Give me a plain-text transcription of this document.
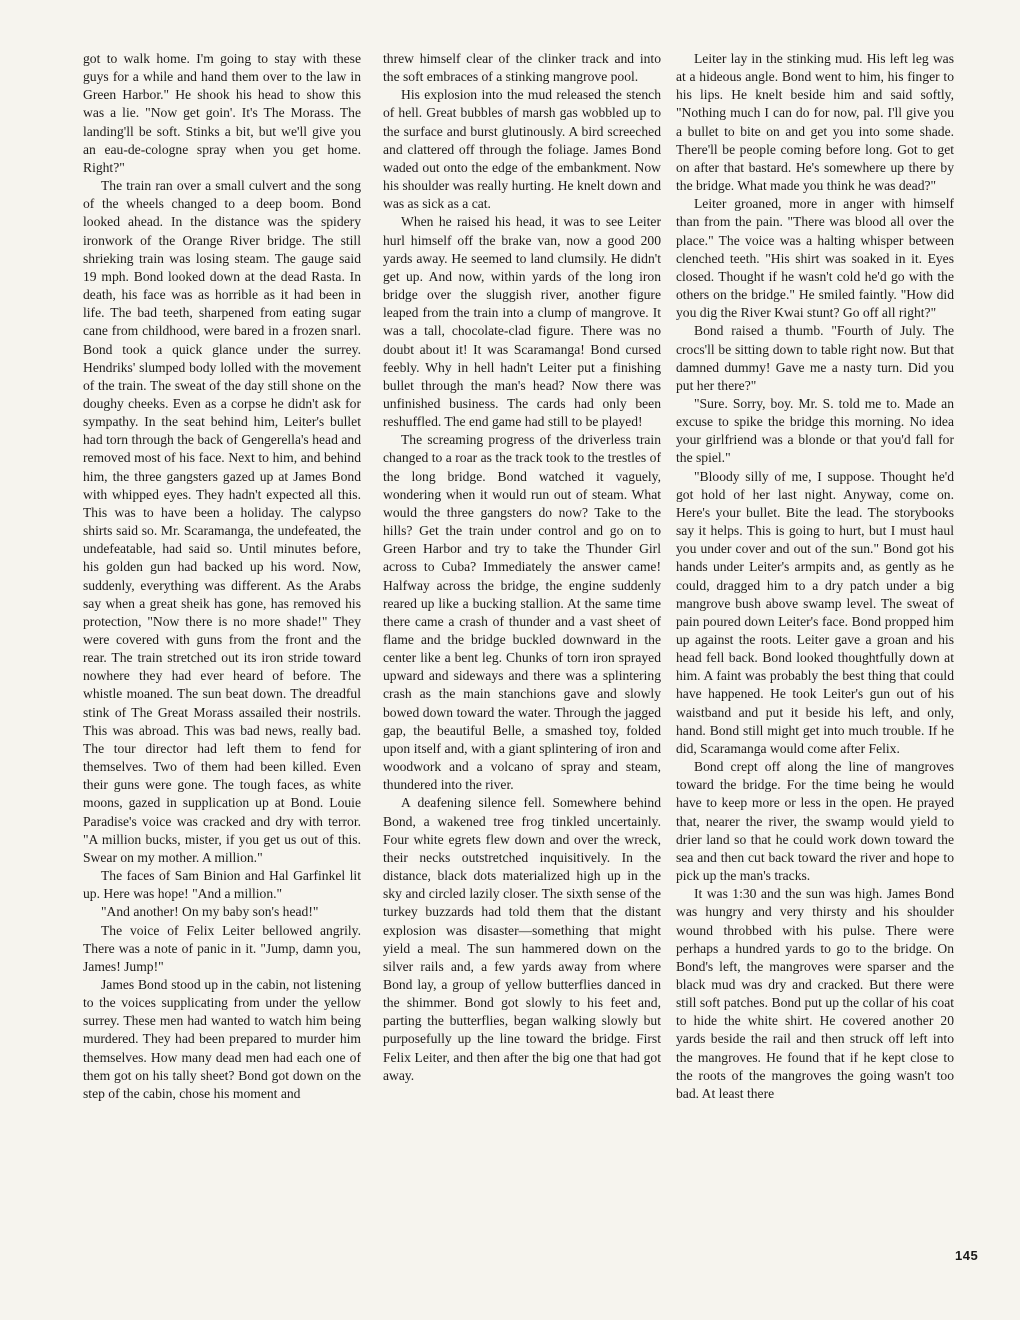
got to walk home. I'm going to stay with these guys for a while and hand them over to the law in Green Harbor." He shook his head to show this was a lie. "Now get goin'. It's The Morass. The landing'll be soft. Stinks a bit, but we'll give you an eau-de-cologne spray when you get home. Right?"

The train ran over a small culvert and the song of the wheels changed to a deep boom. Bond looked ahead. In the distance was the spidery ironwork of the Orange River bridge. The still shrieking train was losing steam. The gauge said 19 mph. Bond looked down at the dead Rasta. In death, his face was as horrible as it had been in life. The bad teeth, sharpened from eating sugar cane from childhood, were bared in a frozen snarl. Bond took a quick glance under the surrey. Hendriks' slumped body lolled with the movement of the train. The sweat of the day still shone on the doughy cheeks. Even as a corpse he didn't ask for sympathy. In the seat behind him, Leiter's bullet had torn through the back of Gengerella's head and removed most of his face. Next to him, and behind him, the three gangsters gazed up at James Bond with whipped eyes. They hadn't expected all this. This was to have been a holiday. The calypso shirts said so. Mr. Scaramanga, the undefeated, the undefeatable, had said so. Until minutes before, his golden gun had backed up his word. Now, suddenly, everything was different. As the Arabs say when a great sheik has gone, has removed his protection, "Now there is no more shade!" They were covered with guns from the front and the rear. The train stretched out its iron stride toward nowhere they had ever heard of before. The whistle moaned. The sun beat down. The dreadful stink of The Great Morass assailed their nostrils. This was abroad. This was bad news, really bad. The tour director had left them to fend for themselves. Two of them had been killed. Even their guns were gone. The tough faces, as white moons, gazed in supplication up at Bond. Louie Paradise's voice was cracked and dry with terror. "A million bucks, mister, if you get us out of this. Swear on my mother. A million."

The faces of Sam Binion and Hal Garfinkel lit up. Here was hope! "And a million."

"And another! On my baby son's head!"

The voice of Felix Leiter bellowed angrily. There was a note of panic in it. "Jump, damn you, James! Jump!"

James Bond stood up in the cabin, not listening to the voices supplicating from under the yellow surrey. These men had wanted to watch him being murdered. They had been prepared to murder him themselves. How many dead men had each one of them got on his tally sheet? Bond got down on the step of the cabin, chose his moment and

threw himself clear of the clinker track and into the soft embraces of a stinking mangrove pool.

His explosion into the mud released the stench of hell. Great bubbles of marsh gas wobbled up to the surface and burst glutinously. A bird screeched and clattered off through the foliage. James Bond waded out onto the edge of the embankment. Now his shoulder was really hurting. He knelt down and was as sick as a cat.

When he raised his head, it was to see Leiter hurl himself off the brake van, now a good 200 yards away. He seemed to land clumsily. He didn't get up. And now, within yards of the long iron bridge over the sluggish river, another figure leaped from the train into a clump of mangrove. It was a tall, chocolate-clad figure. There was no doubt about it! It was Scaramanga! Bond cursed feebly. Why in hell hadn't Leiter put a finishing bullet through the man's head? Now there was unfinished business. The cards had only been reshuffled. The end game had still to be played!

The screaming progress of the driverless train changed to a roar as the track took to the trestles of the long bridge. Bond watched it vaguely, wondering when it would run out of steam. What would the three gangsters do now? Take to the hills? Get the train under control and go on to Green Harbor and try to take the Thunder Girl across to Cuba? Immediately the answer came! Halfway across the bridge, the engine suddenly reared up like a bucking stallion. At the same time there came a crash of thunder and a vast sheet of flame and the bridge buckled downward in the center like a bent leg. Chunks of torn iron sprayed upward and sideways and there was a splintering crash as the main stanchions gave and slowly bowed down toward the water. Through the jagged gap, the beautiful Belle, a smashed toy, folded upon itself and, with a giant splintering of iron and woodwork and a volcano of spray and steam, thundered into the river.

A deafening silence fell. Somewhere behind Bond, a wakened tree frog tinkled uncertainly. Four white egrets flew down and over the wreck, their necks outstretched inquisitively. In the distance, black dots materialized high up in the sky and circled lazily closer. The sixth sense of the turkey buzzards had told them that the distant explosion was disaster—something that might yield a meal. The sun hammered down on the silver rails and, a few yards away from where Bond lay, a group of yellow butterflies danced in the shimmer. Bond got slowly to his feet and, parting the butterflies, began walking slowly but purposefully up the line toward the bridge. First Felix Leiter, and then after the big one that had got away.

Leiter lay in the stinking mud. His left leg was at a hideous angle. Bond went to him, his finger to his lips. He knelt beside him and said softly, "Nothing much I can do for now, pal. I'll give you a bullet to bite on and get you into some shade. There'll be people coming before long. Got to get on after that bastard. He's somewhere up there by the bridge. What made you think he was dead?"

Leiter groaned, more in anger with himself than from the pain. "There was blood all over the place." The voice was a halting whisper between clenched teeth. "His shirt was soaked in it. Eyes closed. Thought if he wasn't cold he'd go with the others on the bridge." He smiled faintly. "How did you dig the River Kwai stunt? Go off all right?"

Bond raised a thumb. "Fourth of July. The crocs'll be sitting down to table right now. But that damned dummy! Gave me a nasty turn. Did you put her there?"

"Sure. Sorry, boy. Mr. S. told me to. Made an excuse to spike the bridge this morning. No idea your girlfriend was a blonde or that you'd fall for the spiel."

"Bloody silly of me, I suppose. Thought he'd got hold of her last night. Anyway, come on. Here's your bullet. Bite the lead. The storybooks say it helps. This is going to hurt, but I must haul you under cover and out of the sun." Bond got his hands under Leiter's armpits and, as gently as he could, dragged him to a dry patch under a big mangrove bush above swamp level. The sweat of pain poured down Leiter's face. Bond propped him up against the roots. Leiter gave a groan and his head fell back. Bond looked thoughtfully down at him. A faint was probably the best thing that could have happened. He took Leiter's gun out of his waistband and put it beside his left, and only, hand. Bond still might get into much trouble. If he did, Scaramanga would come after Felix.

Bond crept off along the line of mangroves toward the bridge. For the time being he would have to keep more or less in the open. He prayed that, nearer the river, the swamp would yield to drier land so that he could work down toward the sea and then cut back toward the river and hope to pick up the man's tracks.

It was 1:30 and the sun was high. James Bond was hungry and very thirsty and his shoulder wound throbbed with his pulse. There were perhaps a hundred yards to go to the bridge. On Bond's left, the mangroves were sparser and the black mud was dry and cracked. But there were still soft patches. Bond put up the collar of his coat to hide the white shirt. He covered another 20 yards beside the rail and then struck off left into the mangroves. He found that if he kept close to the roots of the mangroves the going wasn't too bad. At least there

145
